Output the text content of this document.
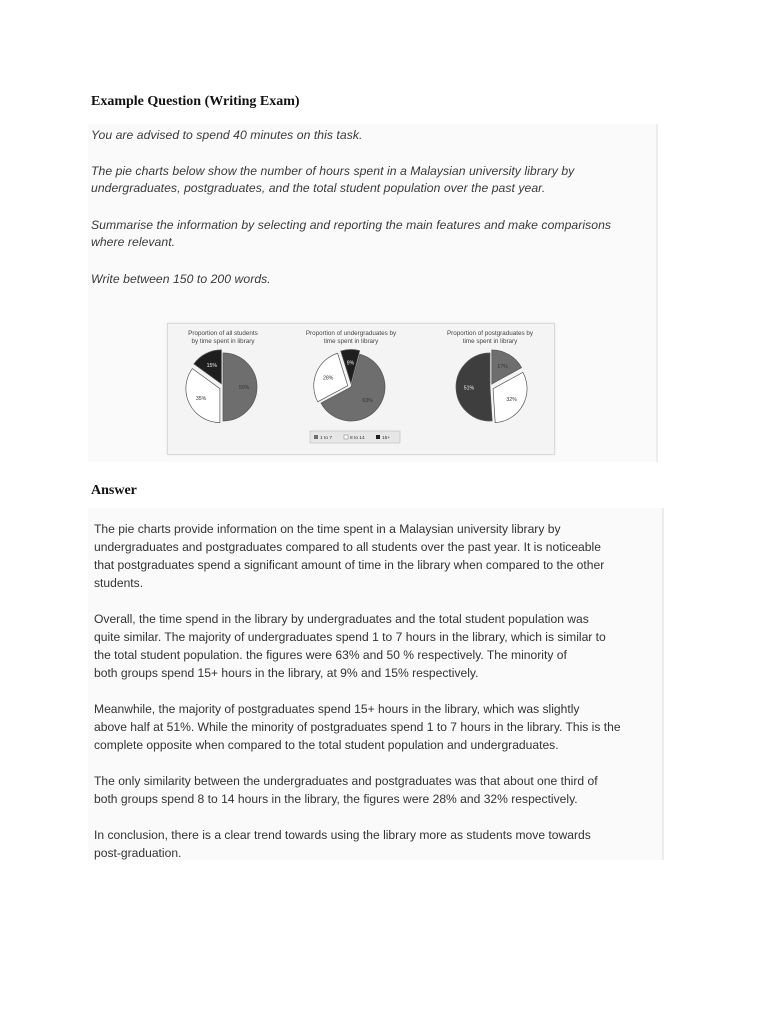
Example Question (Writing Exam)
You are advised to spend 40 minutes on this task.
The pie charts below show the number of hours spent in a Malaysian university library by
undergraduates, postgraduates, and the total student population over the past year.
Summarise the information by selecting and reporting the main features and make comparisons
where relevant.
Write between 150 to 200 words.
Proportion of all students
by time spent in library
Proportion of undergraduates by
time spent in library
Proportion of postgraduates by
time spent in library
50%
35%
15%
63%
28%
9%
17%
32%
51%
1 to 7	8 to 14	15+
Answer
The pie charts provide information on the time spent in a Malaysian university library by
undergraduates and postgraduates compared to all students over the past year. It is noticeable
that postgraduates spend a significant amount of time in the library when compared to the other
students.
Overall, the time spend in the library by undergraduates and the total student population was
quite similar. The majority of undergraduates spend 1 to 7 hours in the library, which is similar to
the total student population. the figures were 63% and 50 % respectively. The minority of
both groups spend 15+ hours in the library, at 9% and 15% respectively.
Meanwhile, the majority of postgraduates spend 15+ hours in the library, which was slightly
above half at 51%. While the minority of postgraduates spend 1 to 7 hours in the library. This is the
complete opposite when compared to the total student population and undergraduates.
The only similarity between the undergraduates and postgraduates was that about one third of
both groups spend 8 to 14 hours in the library, the figures were 28% and 32% respectively.
In conclusion, there is a clear trend towards using the library more as students move towards
post-graduation.
